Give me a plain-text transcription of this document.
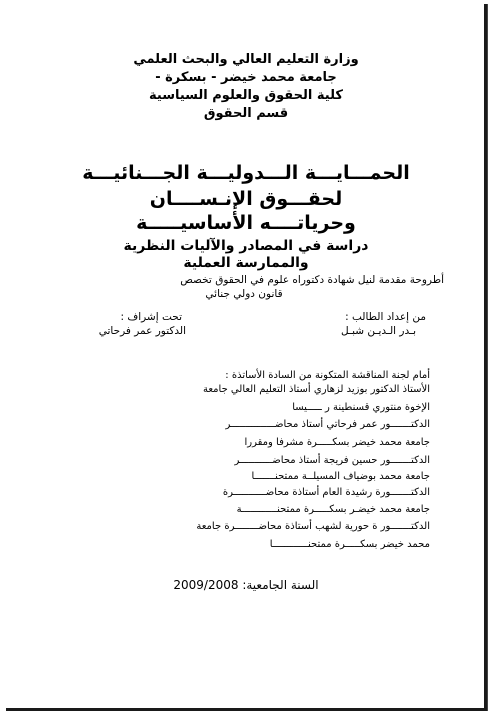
وزارة التعليم العالي والبحث العلمي
جامعة محمد خيضر - بسكرة -
كلية الحقوق والعلوم السياسية
قسم الحقوق
الحمـــايـــة الـــدوليـــة الجـــنائيـــة
لحقـــوق الإنـســــان
وحرياتــــه الأساسيـــــة
دراسة في المصادر والآليات النظرية
والممارسة العملية
أطروحة مقدمة لنيل شهادة دكتوراه علوم في الحقوق تخصص
قانون دولي جنائي
من إعداد الطالب :
بـدر الـديـن شبـل
تحت إشراف :
الدكتور عمر فرحاتي
أمام لجنة المناقشة المتكونة من السادة الأساتذة :
الأستاذ الدكتور بوزيد لزهاري أستاذ التعليم العالي جامعة
الإخوة منتوري قسنطينة ر ـــــيسا
الدكتـــــــور عمر فرحاتي أستاذ محاضـــــــــــــــر
جامعة محمد خيضر بسكـــــرة مشرفا ومقررا
الدكتـــــــور حسين فريجة أستاذ محاضـــــــــــر
جامعة محمد بوضياف المسيلــة ممتحنـــــــا
الدكتـــــــورة رشيدة العام أستاذة محاضـــــــــــرة
جامعة محمد خيضـر بسكـــــرة ممتحنــــــــــــة
الدكتـــــــور ة حورية لشهب أستاذة محاضــــــــرة جامعة
محمد خيضر بسكـــــرة ممتحنــــــــــــا
السنة الجامعية: 2009/2008
